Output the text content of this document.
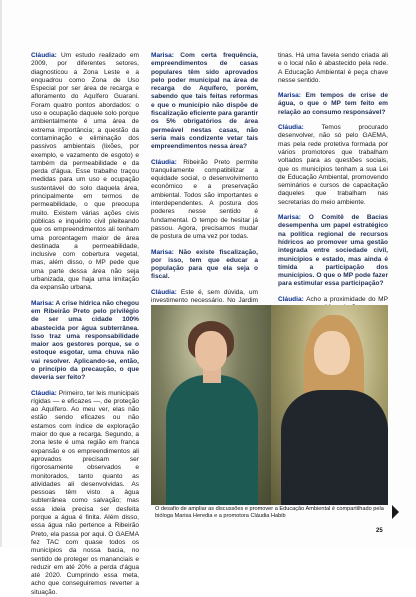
Cláudia: Um estudo realizado em 2009, por diferentes setores, diagnosticou a Zona Leste e a enquadrou como Zona de Uso Especial por ser área de recarga e afloramento do Aquífero Guarani. Foram quatro pontos abordados: o uso e ocupação daquele solo porque ambientalmente é uma área de extrema importância; a questão da contaminação e eliminação dos passivos ambientais (lixões, por exemplo, e vazamento de esgoto) e também da permeabilidade e da perda d'água. Esse trabalho traçou medidas para um uso e ocupação sustentável do solo daquela área, principalmente em termos de permeabilidade, o que preocupa muito. Existem várias ações civis públicas e inquérito civil pleiteando que os empreendimentos ali tenham uma porcentagem maior de área destinada a permeabilidade, inclusive com cobertura vegetal, mas, além disso, o MP pede que uma parte dessa área não seja urbanizada, que haja uma limitação da expansão urbana.

Marisa: A crise hídrica não chegou em Ribeirão Preto pelo privilégio de ser uma cidade 100% abastecida por água subterrânea. Isso traz uma responsabilidade maior aos gestores porque, se o estoque esgotar, uma chuva não vai resolver. Aplicando-se, então, o princípio da precaução, o que deveria ser feito?

Cláudia: Primeiro, ter leis municipais rígidas — e eficazes —, de proteção ao Aquífero. Ao meu ver, elas não estão sendo eficazes ou não estamos com índice de exploração maior do que a recarga. Segundo, a zona leste é uma região em franca expansão e os empreendimentos ali aprovados precisam ser rigorosamente observados e monitorados, tanto quanto as atividades ali desenvolvidas. As pessoas têm visto a água subterrânea como salvação; mas essa ideia precisa ser desfeita porque a água é finita. Além disso, essa água não pertence a Ribeirão Preto, ela passa por aqui. O GAEMA fez TAC com quase todos os municípios da nossa bacia, no sentido de proteger os mananciais e reduzir em até 20% a perda d'água até 2020. Cumprindo essa meta, acho que conseguiremos reverter a situação.

Marisa: Com certa frequência, empreendimentos de casas populares têm sido aprovados pelo poder municipal na área de recarga do Aquífero, porém, sabendo que tais feitas reformas e que o município não dispõe de fiscalização eficiente para garantir os 5% obrigatórios de área permeável nestas casas, não seria mais condizente vetar tais empreendimentos nessa área?

Cláudia: Ribeirão Preto permite tranquilamente compatibilizar a equidade social, o desenvolvimento econômico e a preservação ambiental. Todos são importantes e interdependentes. A postura dos poderes nesse sentido é fundamental. O tempo de hesitar já passou. Agora, precisamos mudar de postura de uma vez por todas.

Marisa: Não existe fiscalização, por isso, tem que educar a população para que ela seja o fiscal.

Cláudia: Este é, sem dúvida, um investimento necessário. No Jardim

tinas. Há uma favela sendo criada ali e o local não é abastecido pela rede. A Educação Ambiental é peça chave nesse sentido.

Marisa: Em tempos de crise de água, o que o MP tem feito em relação ao consumo responsável?

Cláudia: Temos procurado desenvolver, não só pelo GAEMA, mas pela rede protetiva formada por vários promotores que trabalham voltados para as questões sociais, que os municípios tenham a sua Lei de Educação Ambiental, promovendo seminários e cursos de capacitação daqueles que trabalham nas secretarias do meio ambiente.

Marisa: O Comitê de Bacias desempenha um papel estratégico na política regional de recursos hídricos ao promover uma gestão integrada entre sociedade civil, municípios e estado, mas ainda é tímida a participação dos municípios. O que o MP pode fazer para estimular essa participação?

Cláudia: Acho a proximidade do MP

O desafio de ampliar as discussões e promover a Educação Ambiental é compartilhado pela bióloga Marisa Heredia e a promotora Cláudia Habib
25
